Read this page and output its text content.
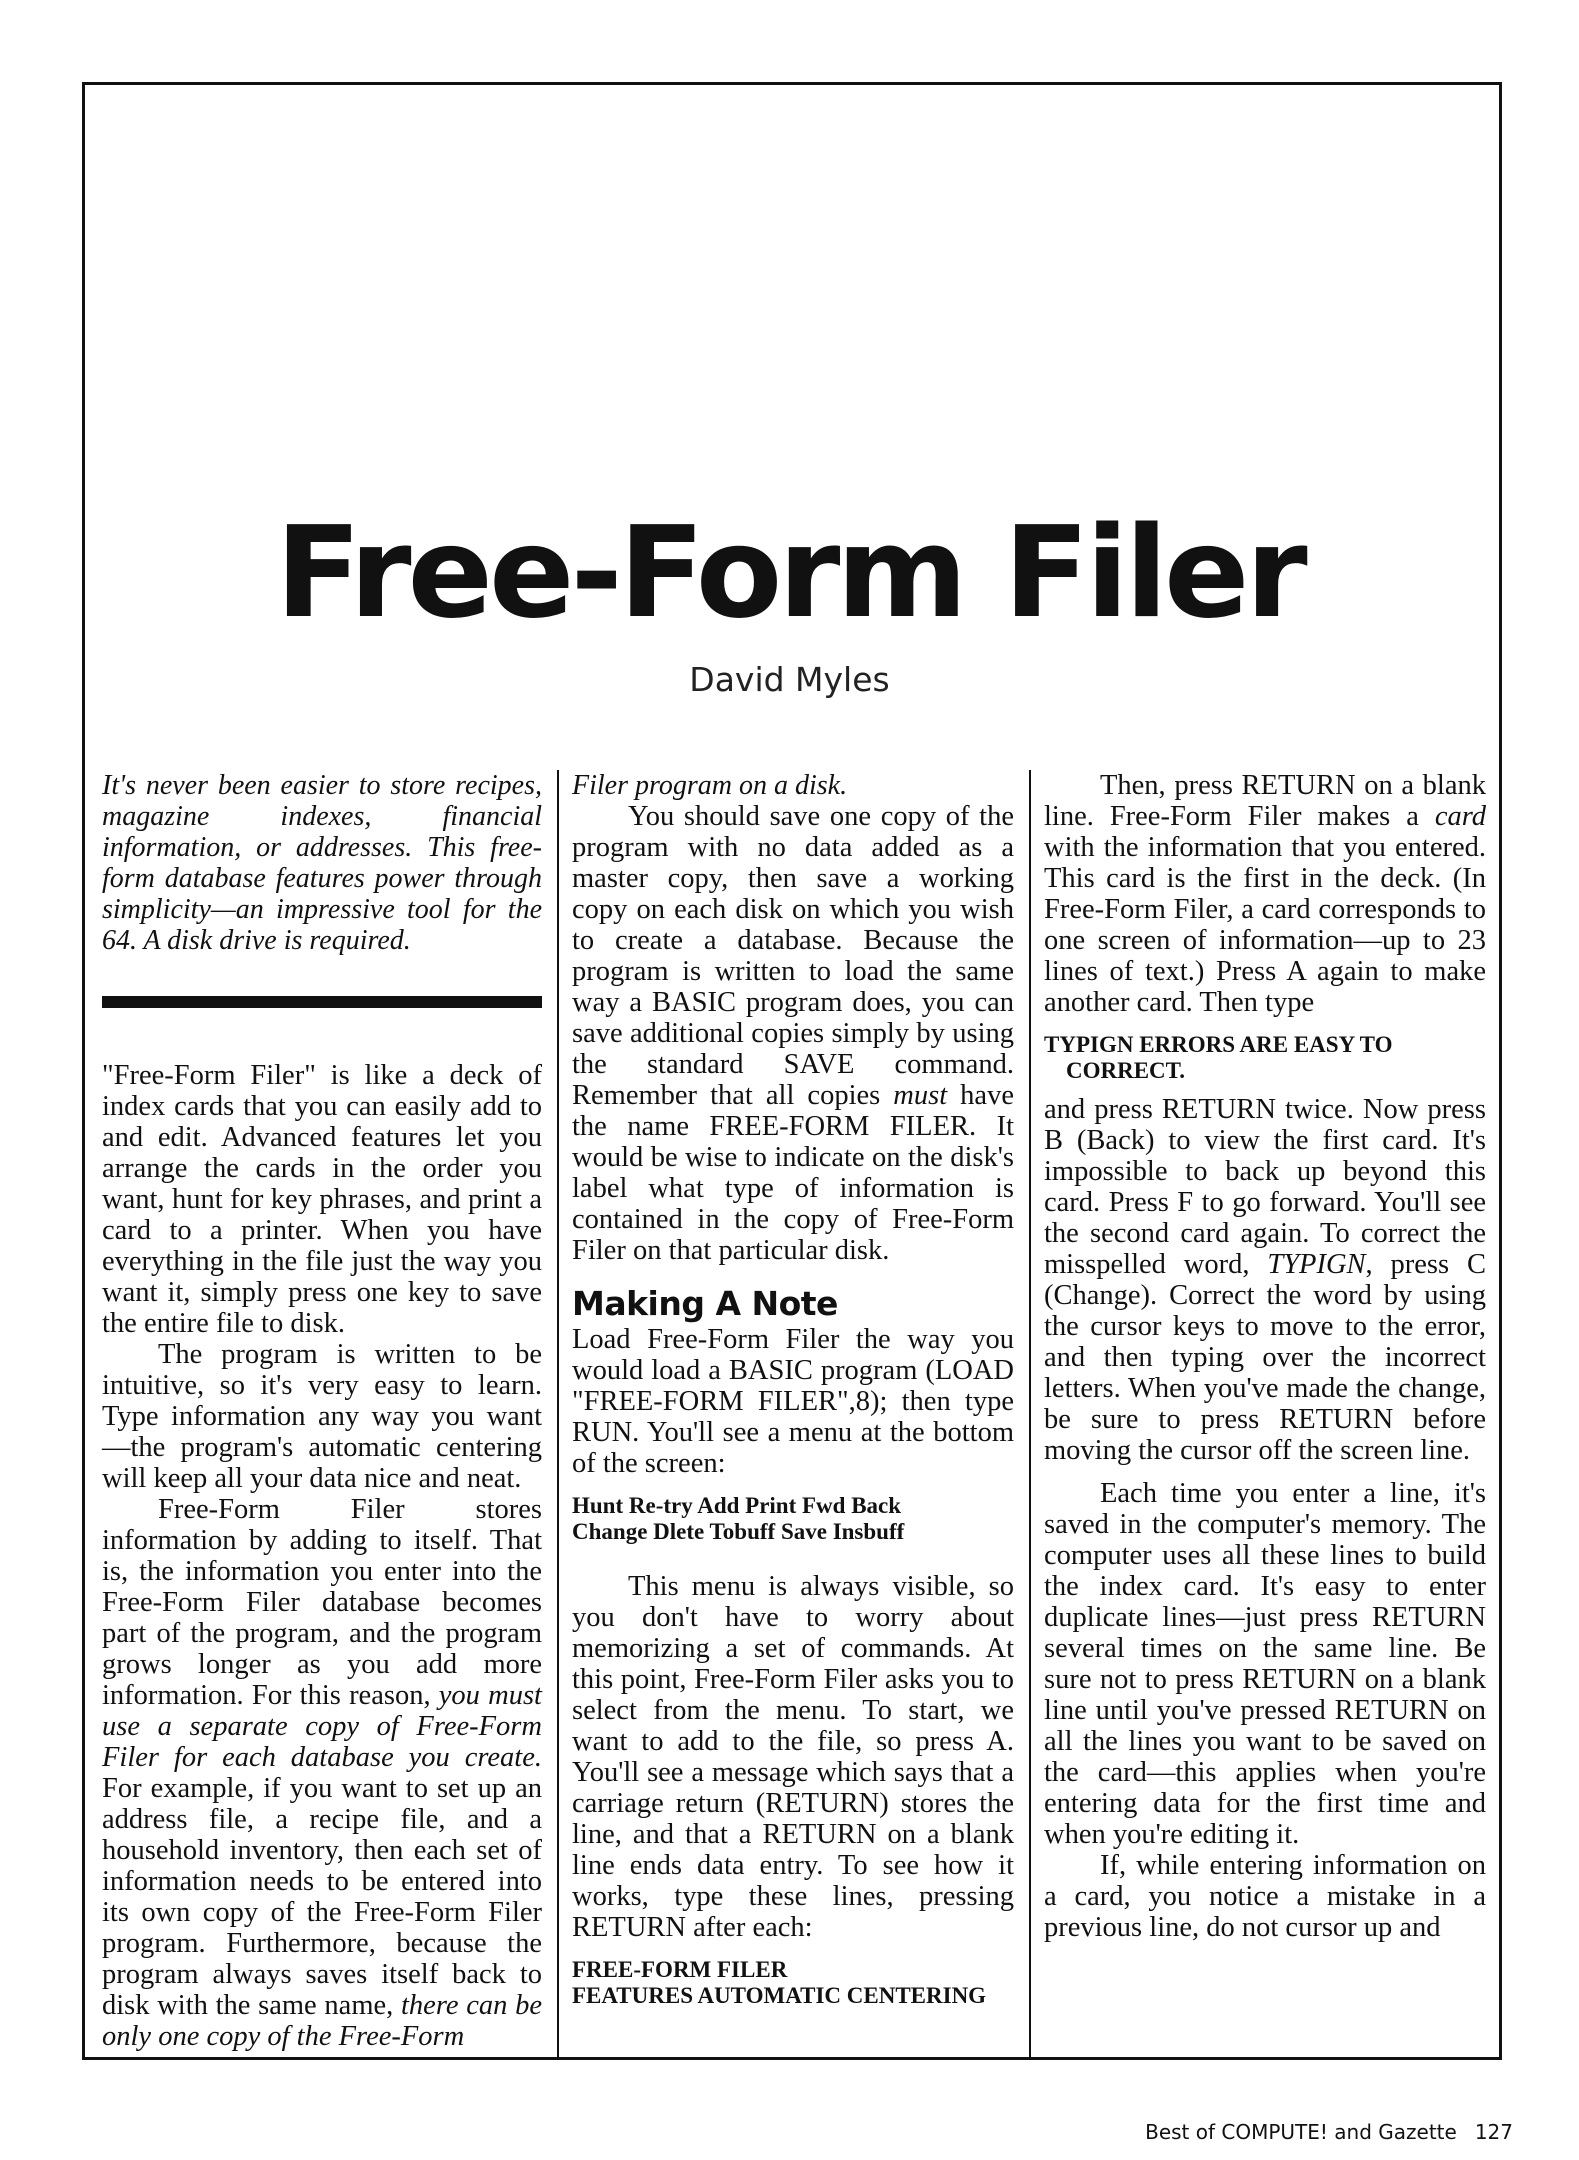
Free-Form Filer
David Myles

It's never been easier to store recipes, magazine indexes, financial information, or addresses. This free-form database features power through simplicity—an impressive tool for the 64. A disk drive is required.

"Free-Form Filer" is like a deck of index cards that you can easily add to and edit. Advanced features let you arrange the cards in the order you want, hunt for key phrases, and print a card to a printer. When you have everything in the file just the way you want it, simply press one key to save the entire file to disk.

The program is written to be intuitive, so it's very easy to learn. Type information any way you want—the program's automatic centering will keep all your data nice and neat.

Free-Form Filer stores information by adding to itself. That is, the information you enter into the Free-Form Filer database becomes part of the program, and the program grows longer as you add more information. For this reason, you must use a separate copy of Free-Form Filer for each database you create. For example, if you want to set up an address file, a recipe file, and a household inventory, then each set of information needs to be entered into its own copy of the Free-Form Filer program. Furthermore, because the program always saves itself back to disk with the same name, there can be only one copy of the Free-Form

Filer program on a disk.

You should save one copy of the program with no data added as a master copy, then save a working copy on each disk on which you wish to create a database. Because the program is written to load the same way a BASIC program does, you can save additional copies simply by using the standard SAVE command. Remember that all copies must have the name FREE-FORM FILER. It would be wise to indicate on the disk's label what type of information is contained in the copy of Free-Form Filer on that particular disk.

Making A Note

Load Free-Form Filer the way you would load a BASIC program (LOAD "FREE-FORM FILER",8); then type RUN. You'll see a menu at the bottom of the screen:

Hunt Re-try Add Print Fwd Back
Change Dlete Tobuff Save Insbuff

This menu is always visible, so you don't have to worry about memorizing a set of commands. At this point, Free-Form Filer asks you to select from the menu. To start, we want to add to the file, so press A. You'll see a message which says that a carriage return (RETURN) stores the line, and that a RETURN on a blank line ends data entry. To see how it works, type these lines, pressing RETURN after each:

FREE-FORM FILER
FEATURES AUTOMATIC CENTERING

Then, press RETURN on a blank line. Free-Form Filer makes a card with the information that you entered. This card is the first in the deck. (In Free-Form Filer, a card corresponds to one screen of information—up to 23 lines of text.) Press A again to make another card. Then type

TYPIGN ERRORS ARE EASY TO
CORRECT.

and press RETURN twice. Now press B (Back) to view the first card. It's impossible to back up beyond this card. Press F to go forward. You'll see the second card again. To correct the misspelled word, TYPIGN, press C (Change). Correct the word by using the cursor keys to move to the error, and then typing over the incorrect letters. When you've made the change, be sure to press RETURN before moving the cursor off the screen line.

Each time you enter a line, it's saved in the computer's memory. The computer uses all these lines to build the index card. It's easy to enter duplicate lines—just press RETURN several times on the same line. Be sure not to press RETURN on a blank line until you've pressed RETURN on all the lines you want to be saved on the card—this applies when you're entering data for the first time and when you're editing it.

If, while entering information on a card, you notice a mistake in a previous line, do not cursor up and

Best of COMPUTE! and Gazette 127
